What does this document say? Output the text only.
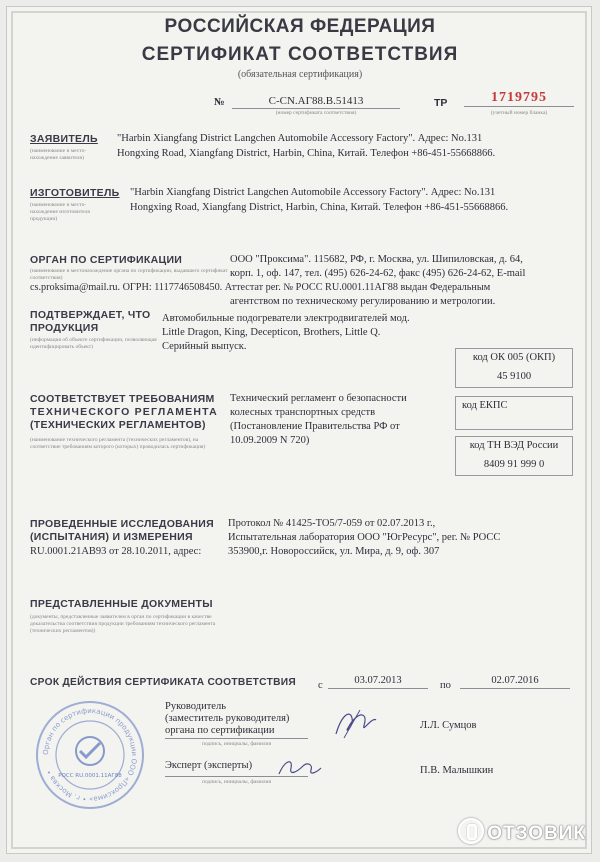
РОССИЙСКАЯ ФЕДЕРАЦИЯ
СЕРТИФИКАТ СООТВЕТСТВИЯ
(обязательная сертификация)
№	C-CN.АГ88.B.51413
(номер сертификата соответствия)
ТР	1719795
(учетный номер бланка)
ЗАЯВИТЕЛЬ
(наименование и место-нахождение заявителя)
"Harbin Xiangfang District Langchen Automobile Accessory Factory". Адрес: No.131
Hongxing Road, Xiangfang District, Harbin, China, Китай. Телефон +86-451-55668866.
ИЗГОТОВИТЕЛЬ
(наименование и место-нахождение изготовителя продукции)
"Harbin Xiangfang District Langchen Automobile Accessory Factory". Адрес: No.131
Hongxing Road, Xiangfang District, Harbin, China, Китай. Телефон +86-451-55668866.
ОРГАН ПО СЕРТИФИКАЦИИ
(наименование и местонахождение органа по сертификации, выдавшего сертификат соответствия)
ООО "Проксима". 115682, РФ, г. Москва, ул. Шипиловская, д. 64,
корп. 1, оф. 147, тел. (495) 626-24-62, факс (495) 626-24-62, E-mail
cs.proksima@mail.ru. ОГРН: 1117746508450. Аттестат рег. № РОСС RU.0001.11АГ88 выдан Федеральным
агентством по техническому регулированию и метрологии.
ПОДТВЕРЖДАЕТ, ЧТО
ПРОДУКЦИЯ
(информация об объекте сертификации, позволяющая идентифицировать объект)
Автомобильные подогреватели электродвигателей мод.
Little Dragon, King, Decepticon, Brothers, Little Q.
Серийный выпуск.
код ОК 005 (ОКП)
45 9100
СООТВЕТСТВУЕТ ТРЕБОВАНИЯМ
ТЕХНИЧЕСКОГО РЕГЛАМЕНТА
(ТЕХНИЧЕСКИХ РЕГЛАМЕНТОВ)
(наименование технического регламента (технических регламентов), на соответствие требованиям которого (которых) проводилась сертификация)
Технический регламент о безопасности
колесных транспортных средств
(Постановление Правительства РФ от
10.09.2009 N 720)
код ЕКПС
код ТН ВЭД России
8409 91 999 0
ПРОВЕДЕННЫЕ ИССЛЕДОВАНИЯ
(ИСПЫТАНИЯ) И ИЗМЕРЕНИЯ
Протокол № 41425-ТО5/7-059 от 02.07.2013 г.,
Испытательная лаборатория ООО "ЮгРесурс", рег. № РОСС
RU.0001.21АВ93 от 28.10.2011, адрес:	353900,г. Новороссийск, ул. Мира, д. 9, оф. 307
ПРЕДСТАВЛЕННЫЕ ДОКУМЕНТЫ
(документы, представленные заявителем в орган по сертификации в качестве доказательства соответствия продукции требованиям технического регламента (технических регламентов))
СРОК ДЕЙСТВИЯ СЕРТИФИКАТА СООТВЕТСТВИЯ с	03.07.2013	по	02.07.2016
Руководитель
(заместитель руководителя)
органа по сертификации
подпись, инициалы, фамилия
Л.Л. Сумцов
Эксперт (эксперты)
подпись, инициалы, фамилия
П.В. Малышкин
Орган по сертификации продукции ООО «Проксима» • г. Москва •
РОСС RU.0001.11АГ88
ОТЗОВИК
